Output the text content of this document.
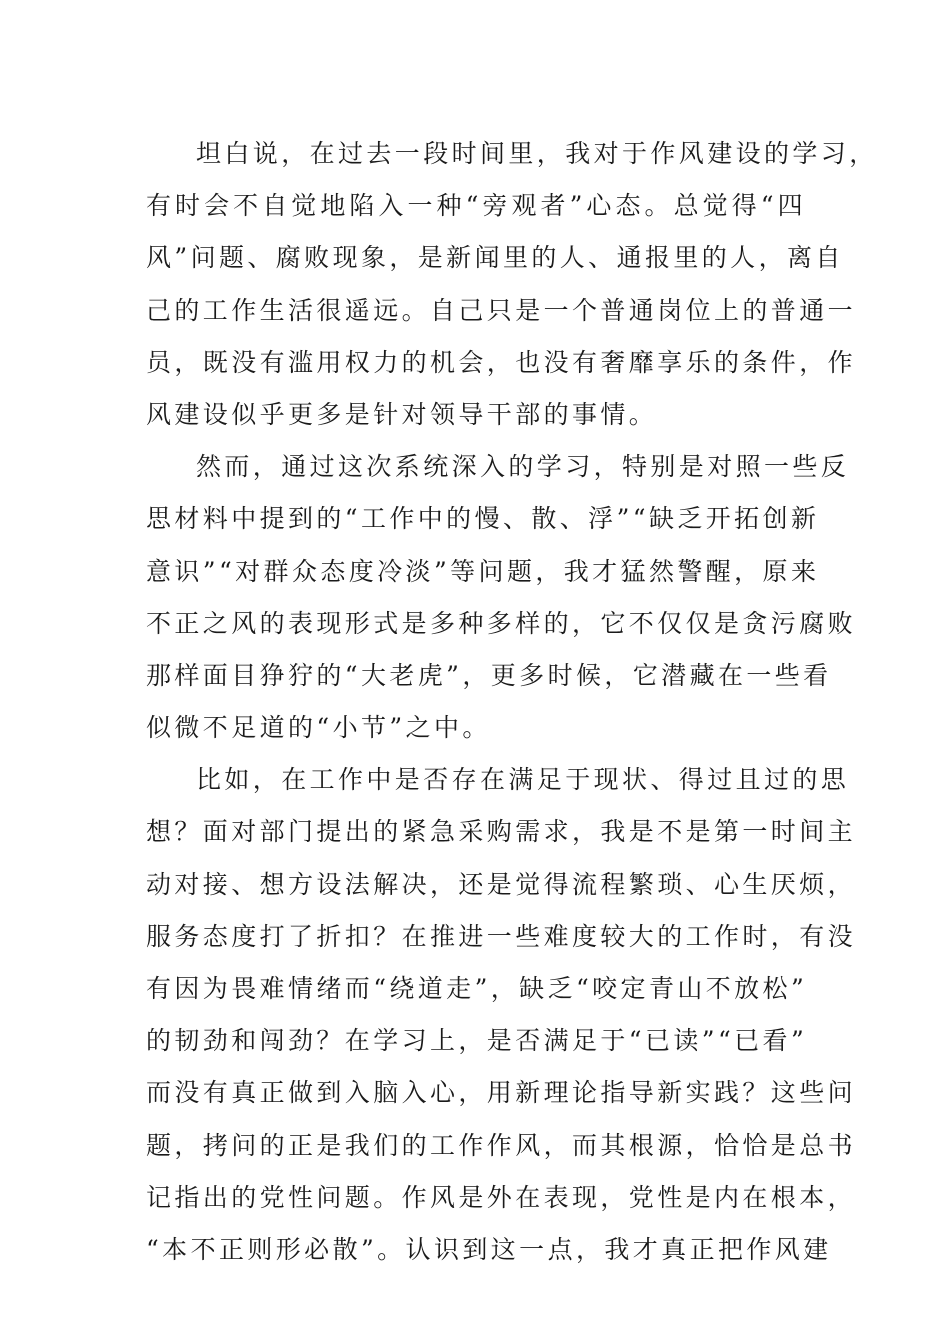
坦白说，在过去一段时间里，我对于作风建设的学习，
有时会不自觉地陷入一种“旁观者”心态。总觉得“四
风”问题、腐败现象，是新闻里的人、通报里的人，离自
己的工作生活很遥远。自己只是一个普通岗位上的普通一
员，既没有滥用权力的机会，也没有奢靡享乐的条件，作
风建设似乎更多是针对领导干部的事情。
然而，通过这次系统深入的学习，特别是对照一些反
思材料中提到的“工作中的慢、散、浮”“缺乏开拓创新
意识”“对群众态度冷淡”等问题，我才猛然警醒，原来
不正之风的表现形式是多种多样的，它不仅仅是贪污腐败
那样面目狰狞的“大老虎”，更多时候，它潜藏在一些看
似微不足道的“小节”之中。
比如，在工作中是否存在满足于现状、得过且过的思
想？面对部门提出的紧急采购需求，我是不是第一时间主
动对接、想方设法解决，还是觉得流程繁琐、心生厌烦，
服务态度打了折扣？在推进一些难度较大的工作时，有没
有因为畏难情绪而“绕道走”，缺乏“咬定青山不放松”
的韧劲和闯劲？在学习上，是否满足于“已读”“已看”
而没有真正做到入脑入心，用新理论指导新实践？这些问
题，拷问的正是我们的工作作风，而其根源，恰恰是总书
记指出的党性问题。作风是外在表现，党性是内在根本，
“本不正则形必散”。认识到这一点，我才真正把作风建
